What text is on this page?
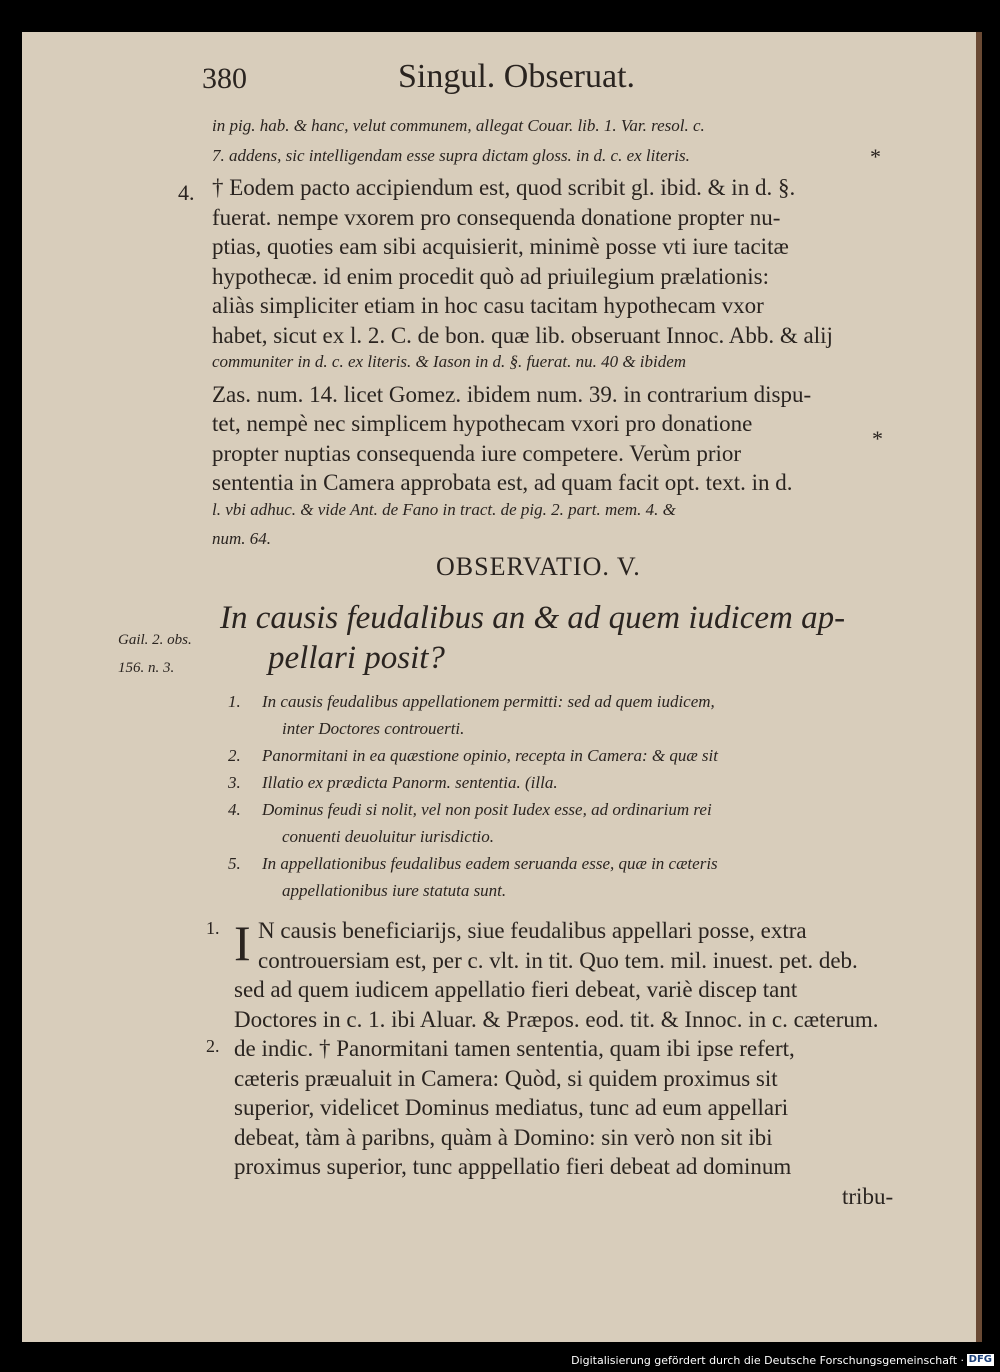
380	Singul. Obseruat.
in pig. hab. & hanc, velut communem, allegat Couar. lib. 1. Var. resol. c.
7. addens, sic intelligendam esse supra dictam gloss. in d. c. ex literis.
† Eodem pacto accipiendum est, quod scribit gl. ibid. & in d. §.
fuerat. nempe vxorem pro consequenda donatione propter nu-
ptias, quoties eam sibi acquisierit, minimè posse vti iure tacitæ
hypothecæ. id enim procedit quò ad priuilegium prælationis:
aliàs simpliciter etiam in hoc casu tacitam hypothecam vxor
habet, sicut ex l. 2. C. de bon. quæ lib. obseruant Innoc. Abb. & alij
communiter in d. c. ex literis. & Iason in d. §. fuerat. nu. 40 & ibidem
Zas. num. 14. licet Gomez. ibidem num. 39. in contrarium dispu-
tet, nempè nec simplicem hypothecam vxori pro donatione
propter nuptias consequenda iure competere. Verùm prior
sententia in Camera approbata est, ad quam facit opt. text. in d.
l. vbi adhuc. & vide Ant. de Fano in tract. de pig. 2. part. mem. 4. &
num. 64.
4.
*
*
OBSERVATIO. V.
Gail. 2. obs.
156. n. 3.
In causis feudalibus an & ad quem iudicem ap-
pellari posit?
1. In causis feudalibus appellationem permitti: sed ad quem iudicem,
inter Doctores controuerti.
2. Panormitani in ea quæstione opinio, recepta in Camera: & quæ sit
3. Illatio ex prædicta Panorm. sententia. (illa.
4. Dominus feudi si nolit, vel non posit Iudex esse, ad ordinarium rei
conuenti deuoluitur iurisdictio.
5. In appellationibus feudalibus eadem seruanda esse, quæ in cæteris
appellationibus iure statuta sunt.
I
1. N causis beneficiarijs, siue feudalibus appellari posse, extra
controuersiam est, per c. vlt. in tit. Quo tem. mil. inuest. pet. deb.
sed ad quem iudicem appellatio fieri debeat, variè discep tant
Doctores in c. 1. ibi Aluar. & Præpos. eod. tit. & Innoc. in c. cæterum.
2. de indic. † Panormitani tamen sententia, quam ibi ipse refert,
cæteris præualuit in Camera: Quòd, si quidem proximus sit
superior, videlicet Dominus mediatus, tunc ad eum appellari
debeat, tàm à paribns, quàm à Domino: sin verò non sit ibi
proximus superior, tunc apppellatio fieri debeat ad dominum
tribu-
Digitalisierung gefördert durch die Deutsche Forschungsgemeinschaft · DFG
